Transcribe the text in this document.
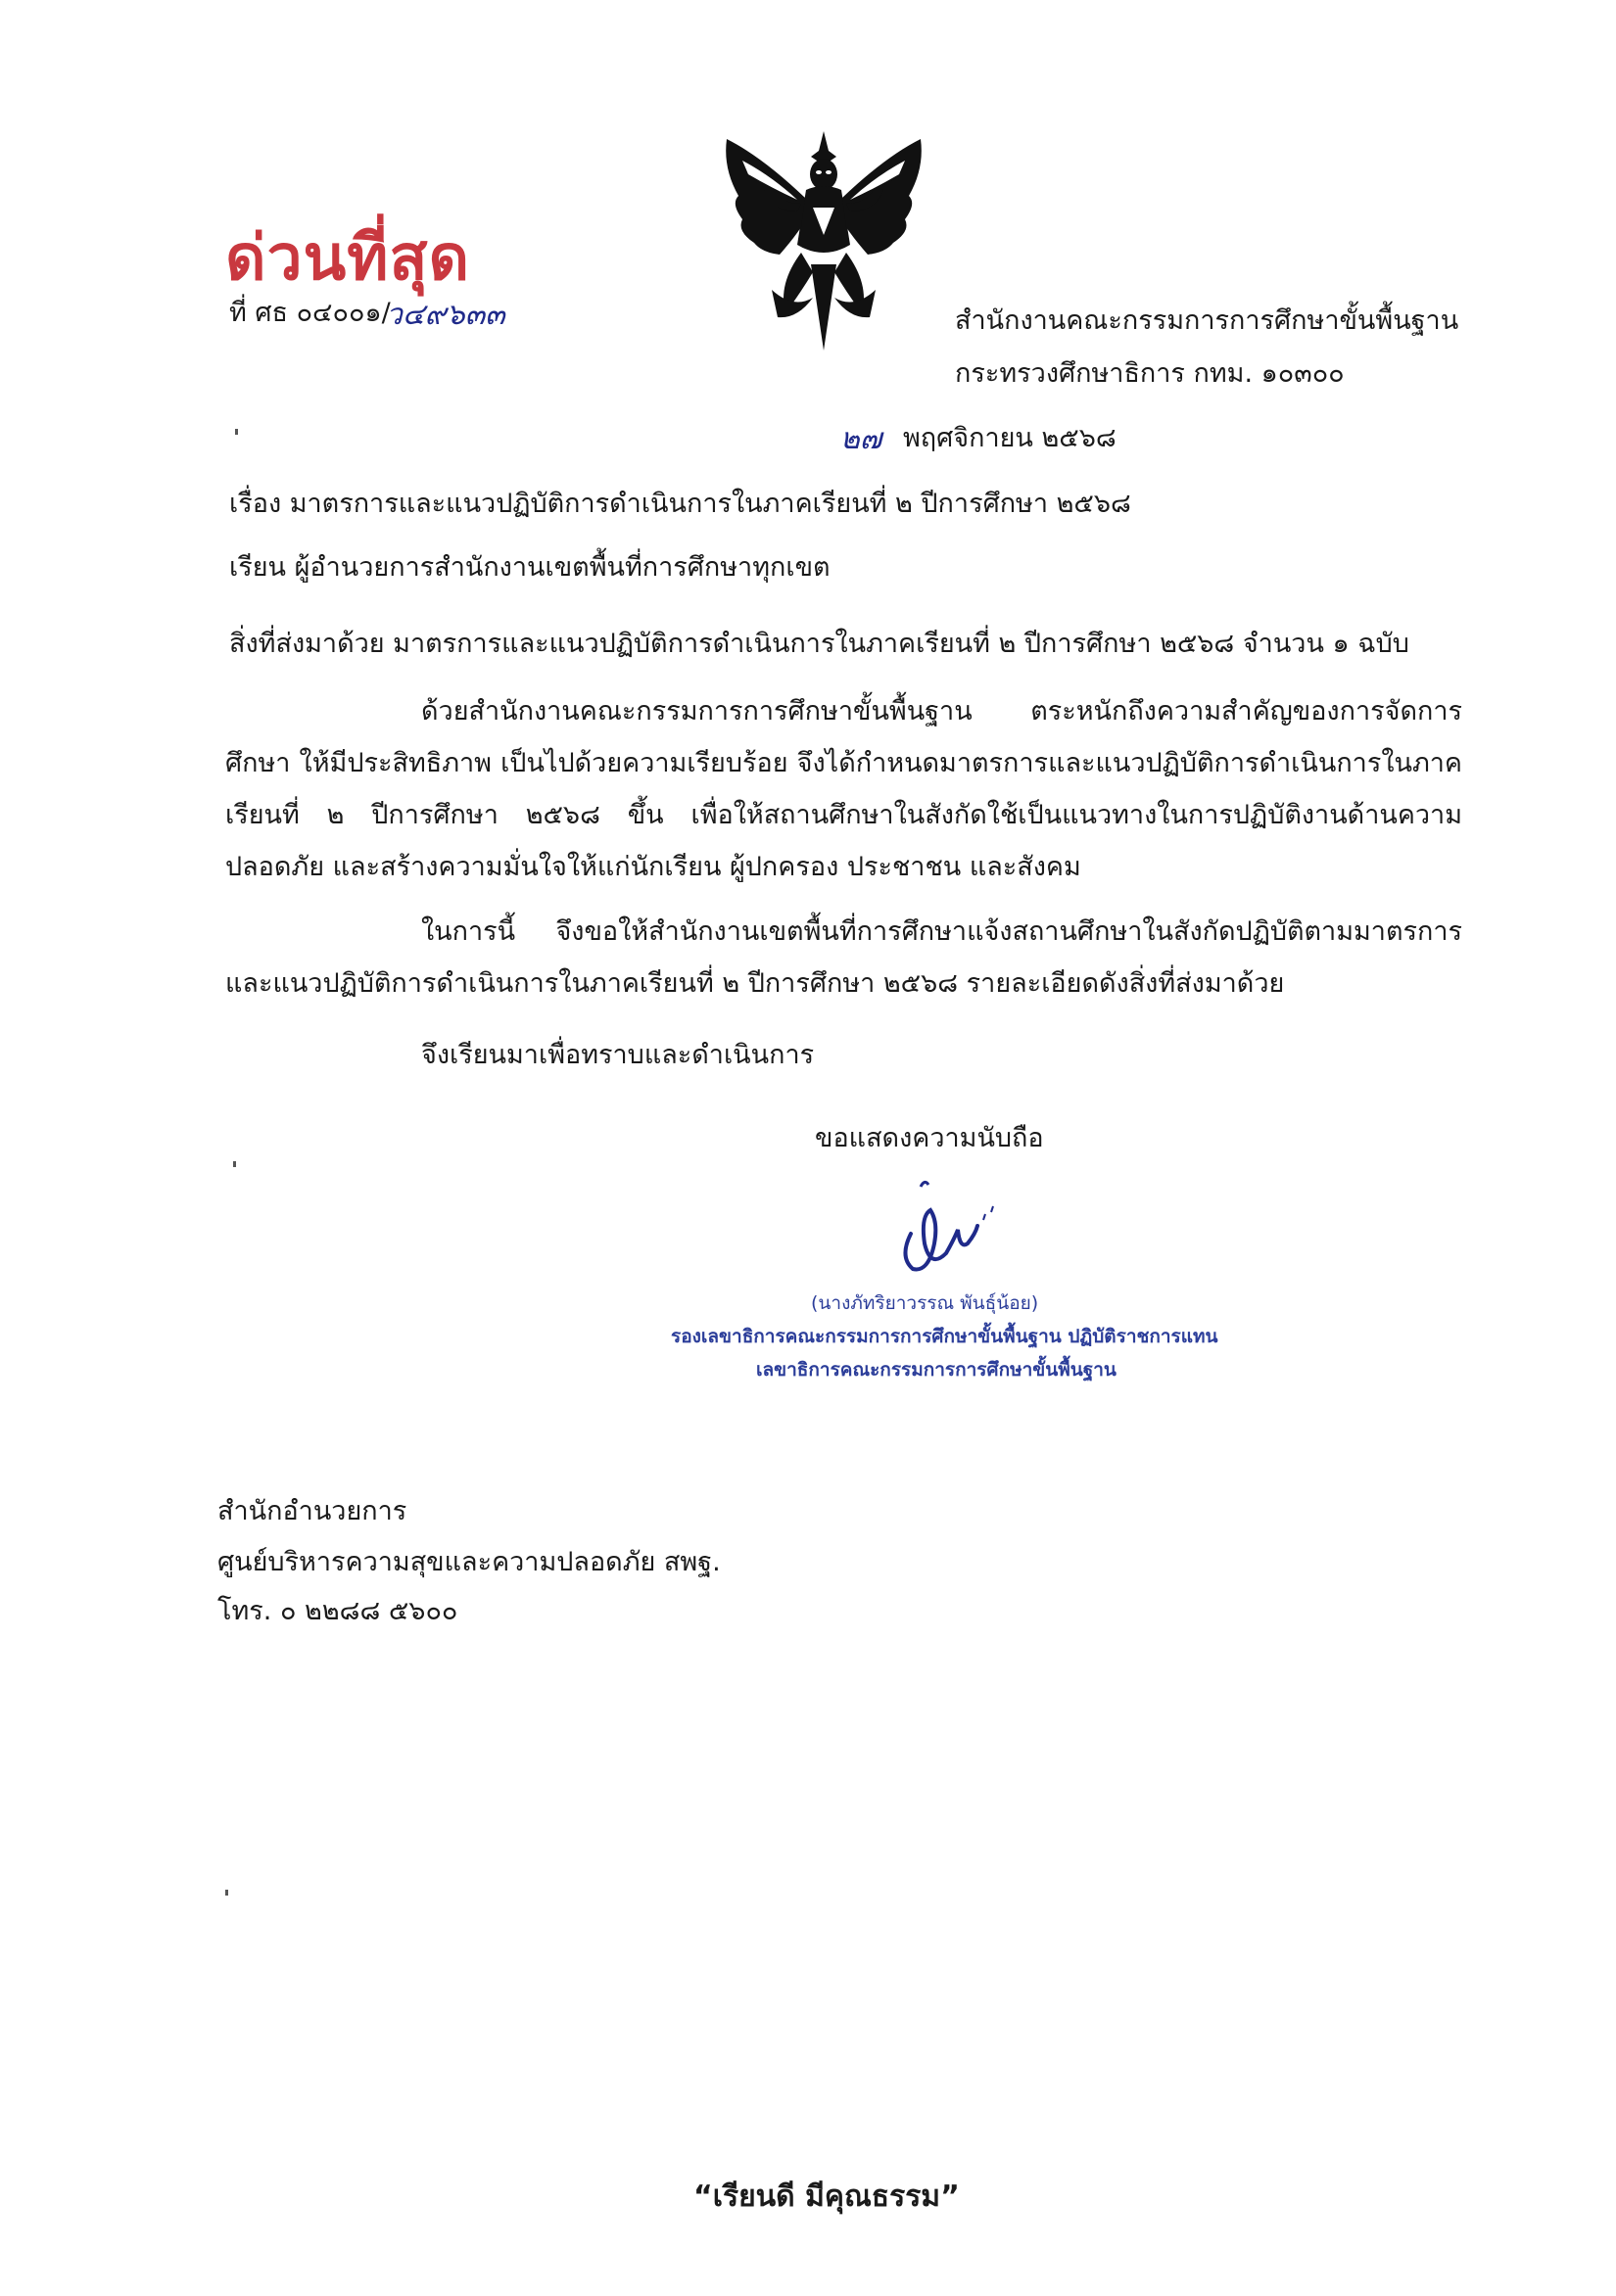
ด่วนที่สุด
ที่ ศธ ๐๔๐๐๑/
ว๔๙๖๓๓	สำนักงานคณะกรรมการการศึกษาขั้นพื้นฐาน
กระทรวงศึกษาธิการ กทม. ๑๐๓๐๐
๒๗ พฤศจิกายน ๒๕๖๘
เรื่อง มาตรการและแนวปฏิบัติการดำเนินการในภาคเรียนที่ ๒ ปีการศึกษา ๒๕๖๘
เรียน ผู้อำนวยการสำนักงานเขตพื้นที่การศึกษาทุกเขต
สิ่งที่ส่งมาด้วย มาตรการและแนวปฏิบัติการดำเนินการในภาคเรียนที่ ๒ ปีการศึกษา ๒๕๖๘ จำนวน ๑ ฉบับ

ด้วยสำนักงานคณะกรรมการการศึกษาขั้นพื้นฐาน ตระหนักถึงความสำคัญของการจัดการศึกษา ให้มีประสิทธิภาพ เป็นไปด้วยความเรียบร้อย จึงได้กำหนดมาตรการและแนวปฏิบัติการดำเนินการในภาคเรียนที่ ๒ ปีการศึกษา ๒๕๖๘ ขึ้น เพื่อให้สถานศึกษาในสังกัดใช้เป็นแนวทางในการปฏิบัติงานด้านความปลอดภัย และสร้างความมั่นใจให้แก่นักเรียน ผู้ปกครอง ประชาชน และสังคม

ในการนี้ จึงขอให้สำนักงานเขตพื้นที่การศึกษาแจ้งสถานศึกษาในสังกัดปฏิบัติตามมาตรการ และแนวปฏิบัติการดำเนินการในภาคเรียนที่ ๒ ปีการศึกษา ๒๕๖๘ รายละเอียดดังสิ่งที่ส่งมาด้วย

จึงเรียนมาเพื่อทราบและดำเนินการ
ขอแสดงความนับถือ
(นางภัทริยาวรรณ พันธุ์น้อย)
รองเลขาธิการคณะกรรมการการศึกษาขั้นพื้นฐาน ปฏิบัติราชการแทน
เลขาธิการคณะกรรมการการศึกษาขั้นพื้นฐาน
สำนักอำนวยการ
ศูนย์บริหารความสุขและความปลอดภัย สพฐ.
โทร. ๐ ๒๒๘๘ ๕๖๐๐
“เรียนดี มีคุณธรรม”
